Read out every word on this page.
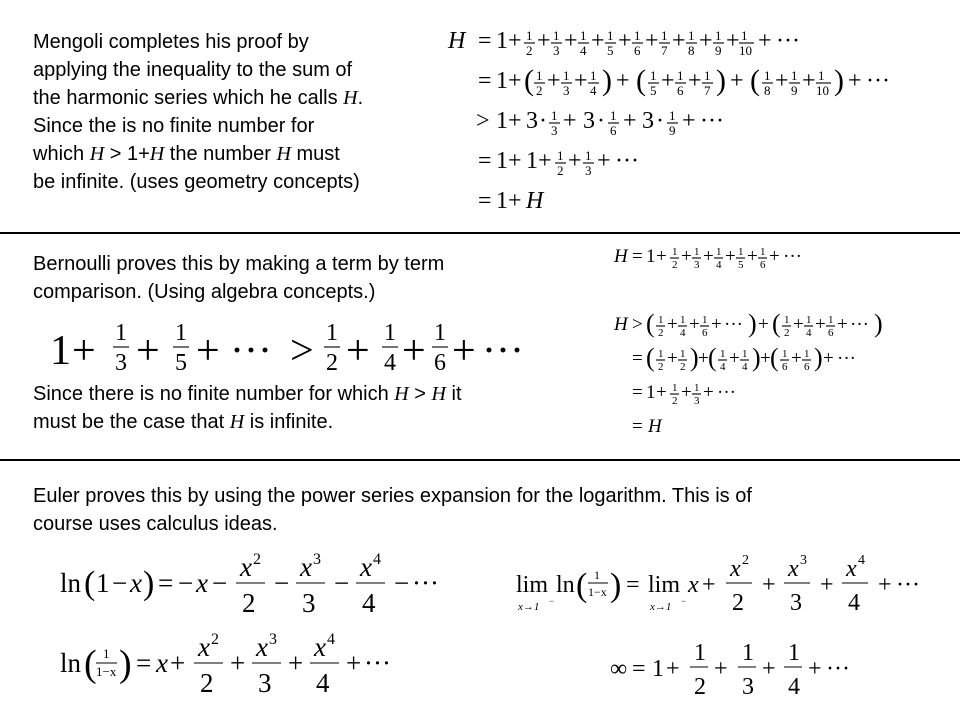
Mengoli completes his proof by
applying the inequality to the sum of
the harmonic series which he calls H.
Since the is no finite number for
which H > 1+H the number H must
be infinite. (uses geometry concepts)
H = 1 + 1
2
1
3
1
4
1
5
1
6
1
7
1
8
1
9
1
10
+ + + + + + + + + ···
= 1 + ( 1
2
1
3
1
4
1
5
1
6
1
7
1
8
1
9
1
10
+ + ) + ( + + ) + ( + + ) + ···
> 1 + 3 · 1
3
1
6
1
9
+ 3 · + 3 · + ···
= 1 + 1 + 1
2
1
3
+ + ···
= 1 + H
Bernoulli proves this by making a term by term
comparison. (Using algebra concepts.)
Since there is no finite number for which H > H it
must be the case that H is infinite.
1 + 1
3
1
5
1
2
1
4
1
6
+ + ··· > + + + ···
H = 1 + 1
2
1
3
1
4
1
5
1
6
+ + + + + ···
H > ( 1
2
1
4
1
6
1
2
1
4
1
6
+ + + ··· ) + ( + + + ··· )
= ( 1
2
1
2
1
4
1
4
1
6
1
6
+ ) + ( + ) + ( + ) + ···
= 1 + 1
2
1
3
+ + ···
= H
Euler proves this by using the power series expansion for the logarithm. This is of
course uses calculus ideas.
ln ( 1 − x ) = − x −
x 2
2
−
x 3
3
−
x 4
4
− ···
ln ( 1
1−x ) = x +
x 2
2
+
x 3
3
+
x 4
4
+ ···
lim
x→1 −
ln ( 1
1−x ) = lim
x→1 −
x +
x 2
2
+
x 3
3
+
x 4
4
+ ···
∞ = 1 +
1
2
+
1
3
+
1
4
+ ···
